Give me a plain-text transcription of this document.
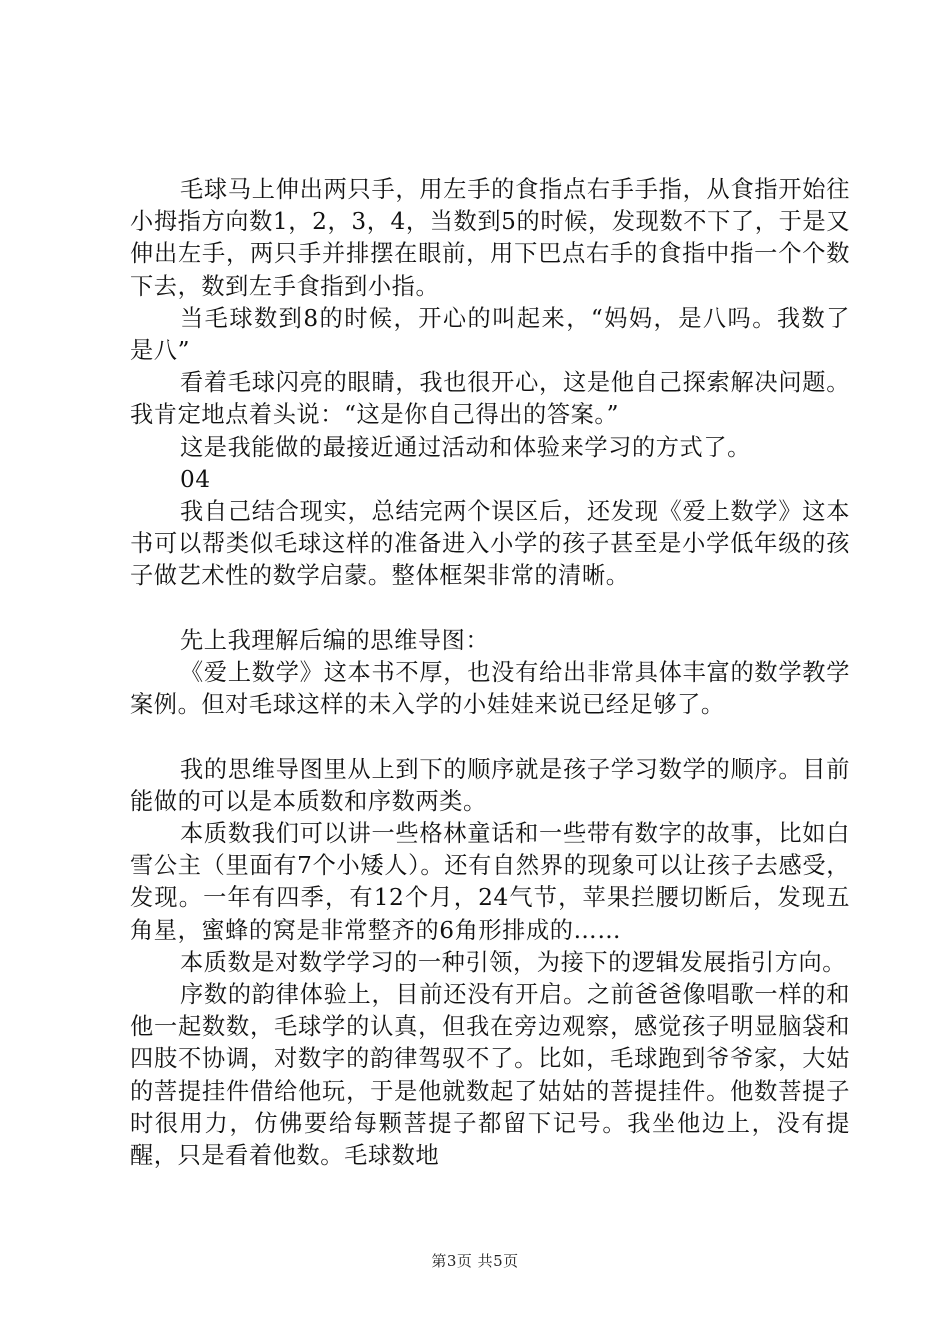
毛球马上伸出两只手，用左手的食指点右手手指，从食指开始往小拇指方向数1，2，3，4，当数到5的时候，发现数不下了，于是又伸出左手，两只手并排摆在眼前，用下巴点右手的食指中指一个个数下去，数到左手食指到小指。

当毛球数到8的时候，开心的叫起来，“妈妈，是八吗。我数了是八”

看着毛球闪亮的眼睛，我也很开心，这是他自己探索解决问题。我肯定地点着头说：“这是你自己得出的答案。”

这是我能做的最接近通过活动和体验来学习的方式了。

04

我自己结合现实，总结完两个误区后，还发现《爱上数学》这本书可以帮类似毛球这样的准备进入小学的孩子甚至是小学低年级的孩子做艺术性的数学启蒙。整体框架非常的清晰。

先上我理解后编的思维导图：

《爱上数学》这本书不厚，也没有给出非常具体丰富的数学教学案例。但对毛球这样的未入学的小娃娃来说已经足够了。

我的思维导图里从上到下的顺序就是孩子学习数学的顺序。目前能做的可以是本质数和序数两类。

本质数我们可以讲一些格林童话和一些带有数字的故事，比如白雪公主（里面有7个小矮人）。还有自然界的现象可以让孩子去感受，发现。一年有四季，有12个月，24气节，苹果拦腰切断后，发现五角星，蜜蜂的窝是非常整齐的6角形排成的……

本质数是对数学学习的一种引领，为接下的逻辑发展指引方向。

序数的韵律体验上，目前还没有开启。之前爸爸像唱歌一样的和他一起数数，毛球学的认真，但我在旁边观察，感觉孩子明显脑袋和四肢不协调，对数字的韵律驾驭不了。比如，毛球跑到爷爷家，大姑的菩提挂件借给他玩，于是他就数起了姑姑的菩提挂件。他数菩提子时很用力，仿佛要给每颗菩提子都留下记号。我坐他边上，没有提醒，只是看着他数。毛球数地

第3页 共5页
